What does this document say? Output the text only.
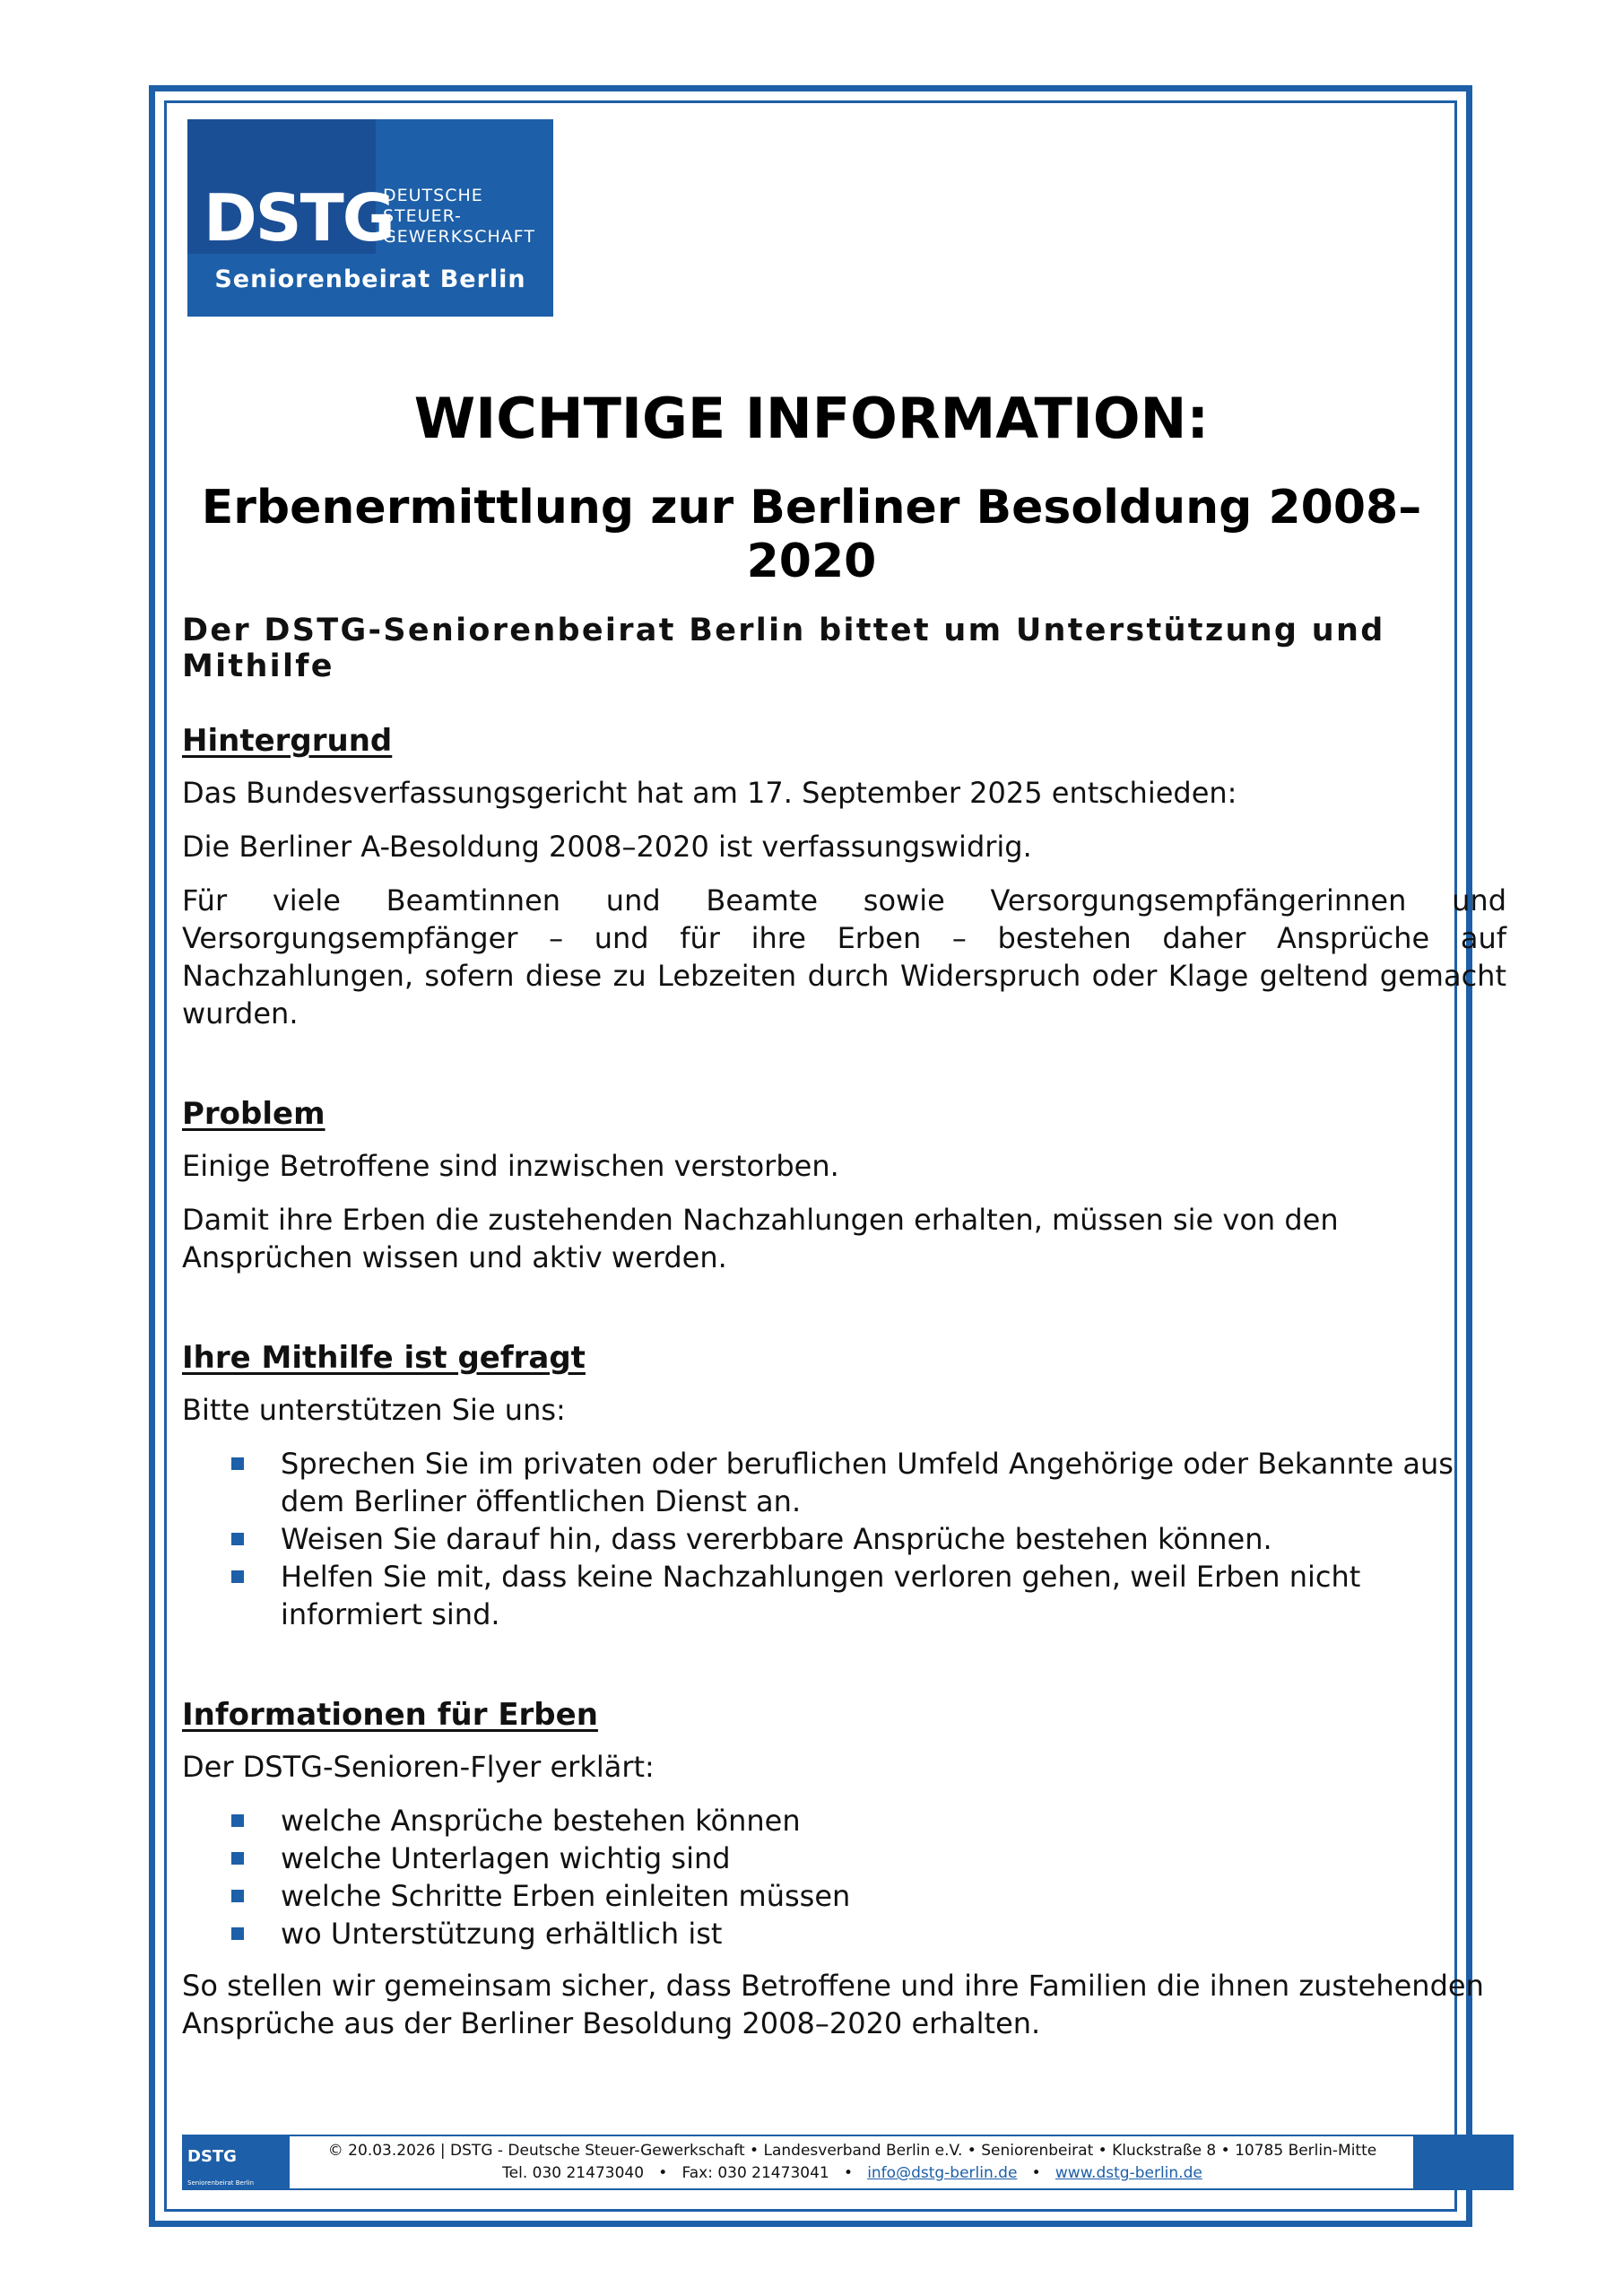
DSTG
DEUTSCHE
STEUER-
GEWERKSCHAFT
Seniorenbeirat Berlin
WICHTIGE INFORMATION:
Erbenermittlung zur Berliner Besoldung 2008–2020
Der DSTG-Seniorenbeirat Berlin bittet um Unterstützung und Mithilfe
Hintergrund

Das Bundesverfassungsgericht hat am 17. September 2025 entschieden:

Die Berliner A-Besoldung 2008–2020 ist verfassungswidrig.

Für viele Beamtinnen und Beamte sowie Versorgungsempfängerinnen und Versorgungsempfänger – und für ihre Erben – bestehen daher Ansprüche auf Nachzahlungen, sofern diese zu Lebzeiten durch Widerspruch oder Klage geltend gemacht wurden.

Problem

Einige Betroffene sind inzwischen verstorben.

Damit ihre Erben die zustehenden Nachzahlungen erhalten, müssen sie von den Ansprüchen wissen und aktiv werden.

Ihre Mithilfe ist gefragt

Bitte unterstützen Sie uns:

Sprechen Sie im privaten oder beruflichen Umfeld Angehörige oder Bekannte aus dem Berliner öffentlichen Dienst an.
Weisen Sie darauf hin, dass vererbbare Ansprüche bestehen können.
Helfen Sie mit, dass keine Nachzahlungen verloren gehen, weil Erben nicht informiert sind.
Informationen für Erben

Der DSTG-Senioren-Flyer erklärt:

welche Ansprüche bestehen können
welche Unterlagen wichtig sind
welche Schritte Erben einleiten müssen
wo Unterstützung erhältlich ist

So stellen wir gemeinsam sicher, dass Betroffene und ihre Familien die ihnen zustehenden Ansprüche aus der Berliner Besoldung 2008–2020 erhalten.

DSTG
Seniorenbeirat Berlin
© 20.03.2026 | DSTG - Deutsche Steuer-Gewerkschaft • Landesverband Berlin e.V. • Seniorenbeirat • Kluckstraße 8 • 10785 Berlin-Mitte
Tel. 030 21473040 • Fax: 030 21473041 • info@dstg-berlin.de • www.dstg-berlin.de
